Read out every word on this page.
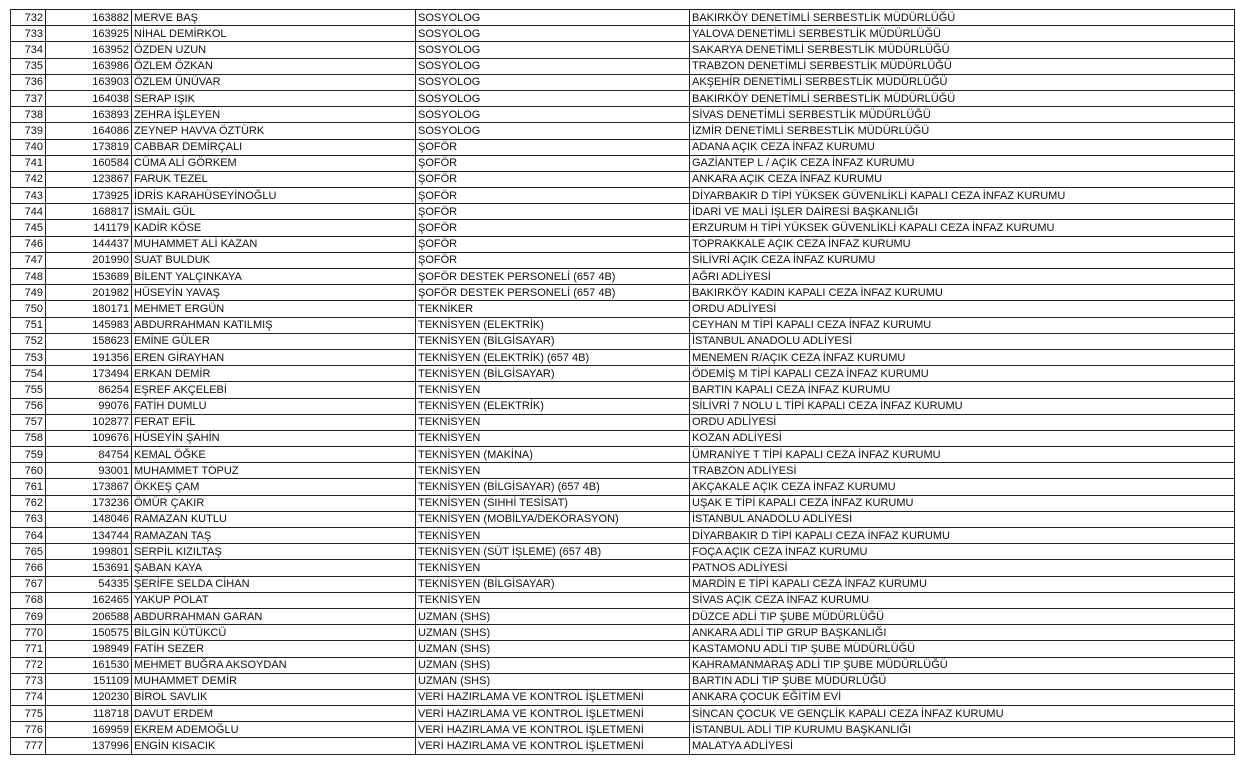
732	163882	MERVE BAŞ	SOSYOLOG	BAKIRKÖY DENETİMLİ SERBESTLİK MÜDÜRLÜĞÜ
733	163925	NİHAL DEMİRKOL	SOSYOLOG	YALOVA DENETİMLİ SERBESTLİK MÜDÜRLÜĞÜ
734	163952	ÖZDEN UZUN	SOSYOLOG	SAKARYA DENETİMLİ SERBESTLİK MÜDÜRLÜĞÜ
735	163986	ÖZLEM ÖZKAN	SOSYOLOG	TRABZON DENETİMLİ SERBESTLİK MÜDÜRLÜĞÜ
736	163903	ÖZLEM ÜNÜVAR	SOSYOLOG	AKŞEHİR DENETİMLİ SERBESTLİK MÜDÜRLÜĞÜ
737	164038	SERAP IŞIK	SOSYOLOG	BAKIRKÖY DENETİMLİ SERBESTLİK MÜDÜRLÜĞÜ
738	163893	ZEHRA İŞLEYEN	SOSYOLOG	SİVAS DENETİMLİ SERBESTLİK MÜDÜRLÜĞÜ
739	164086	ZEYNEP HAVVA ÖZTÜRK	SOSYOLOG	İZMİR DENETİMLİ SERBESTLİK MÜDÜRLÜĞÜ
740	173819	CABBAR DEMİRÇALI	ŞOFÖR	ADANA AÇIK CEZA İNFAZ KURUMU
741	160584	CÜMA ALİ GÖRKEM	ŞOFÖR	GAZİANTEP L / AÇIK CEZA İNFAZ KURUMU
742	123867	FARUK TEZEL	ŞOFÖR	ANKARA AÇIK CEZA İNFAZ KURUMU
743	173925	İDRİS KARAHÜSEYİNOĞLU	ŞOFÖR	DİYARBAKIR D TİPİ YÜKSEK GÜVENLİKLİ KAPALI CEZA İNFAZ KURUMU
744	168817	İSMAİL GÜL	ŞOFÖR	İDARİ VE MALİ İŞLER DAİRESİ BAŞKANLIĞI
745	141179	KADİR KÖSE	ŞOFÖR	ERZURUM H TİPİ YÜKSEK GÜVENLİKLİ KAPALI CEZA İNFAZ KURUMU
746	144437	MUHAMMET ALİ KAZAN	ŞOFÖR	TOPRAKKALE AÇIK CEZA İNFAZ KURUMU
747	201990	SUAT BULDUK	ŞOFÖR	SİLİVRİ AÇIK CEZA İNFAZ KURUMU
748	153689	BİLENT YALÇINKAYA	ŞOFÖR DESTEK PERSONELİ (657 4B)	AĞRI ADLİYESİ
749	201982	HÜSEYİN YAVAŞ	ŞOFÖR DESTEK PERSONELİ (657 4B)	BAKIRKÖY KADIN KAPALI CEZA İNFAZ KURUMU
750	180171	MEHMET ERGÜN	TEKNİKER	ORDU ADLİYESİ
751	145983	ABDURRAHMAN KATILMIŞ	TEKNİSYEN (ELEKTRİK)	CEYHAN M TİPİ KAPALI CEZA İNFAZ KURUMU
752	158623	EMİNE GÜLER	TEKNİSYEN (BİLGİSAYAR)	İSTANBUL ANADOLU ADLİYESİ
753	191356	EREN GİRAYHAN	TEKNİSYEN (ELEKTRİK) (657 4B)	MENEMEN R/AÇIK CEZA İNFAZ KURUMU
754	173494	ERKAN DEMİR	TEKNİSYEN (BİLGİSAYAR)	ÖDEMİŞ M TİPİ KAPALI CEZA İNFAZ KURUMU
755	86254	EŞREF AKÇELEBİ	TEKNİSYEN	BARTIN KAPALI CEZA İNFAZ KURUMU
756	99076	FATİH DUMLU	TEKNİSYEN (ELEKTRİK)	SİLİVRİ 7 NOLU L TİPİ KAPALI CEZA İNFAZ KURUMU
757	102877	FERAT EFİL	TEKNİSYEN	ORDU ADLİYESİ
758	109676	HÜSEYİN ŞAHİN	TEKNİSYEN	KOZAN ADLİYESİ
759	84754	KEMAL ÖĞKE	TEKNİSYEN (MAKİNA)	ÜMRANİYE T TİPİ KAPALI CEZA İNFAZ KURUMU
760	93001	MUHAMMET TOPUZ	TEKNİSYEN	TRABZON ADLİYESİ
761	173867	ÖKKEŞ ÇAM	TEKNİSYEN (BİLGİSAYAR) (657 4B)	AKÇAKALE AÇIK CEZA İNFAZ KURUMU
762	173236	ÖMÜR ÇAKIR	TEKNİSYEN (SIHHİ TESİSAT)	UŞAK E TİPİ KAPALI CEZA İNFAZ KURUMU
763	148046	RAMAZAN KUTLU	TEKNİSYEN (MOBİLYA/DEKORASYON)	İSTANBUL ANADOLU ADLİYESİ
764	134744	RAMAZAN TAŞ	TEKNİSYEN	DİYARBAKIR D TİPİ KAPALI CEZA İNFAZ KURUMU
765	199801	SERPİL KIZILTAŞ	TEKNİSYEN (SÜT İŞLEME) (657 4B)	FOÇA AÇIK CEZA İNFAZ KURUMU
766	153691	ŞABAN KAYA	TEKNİSYEN	PATNOS ADLİYESİ
767	54335	ŞERİFE SELDA CİHAN	TEKNİSYEN (BİLGİSAYAR)	MARDİN E TİPİ KAPALI CEZA İNFAZ KURUMU
768	162465	YAKUP POLAT	TEKNİSYEN	SİVAS AÇIK CEZA İNFAZ KURUMU
769	206588	ABDURRAHMAN GARAN	UZMAN (SHS)	DÜZCE ADLİ TIP ŞUBE MÜDÜRLÜĞÜ
770	150575	BİLGİN KÜTÜKCÜ	UZMAN (SHS)	ANKARA ADLİ TIP GRUP BAŞKANLIĞI
771	198949	FATİH SEZER	UZMAN (SHS)	KASTAMONU ADLİ TIP ŞUBE MÜDÜRLÜĞÜ
772	161530	MEHMET BUĞRA AKSOYDAN	UZMAN (SHS)	KAHRAMANMARAŞ ADLİ TIP ŞUBE MÜDÜRLÜĞÜ
773	151109	MUHAMMET DEMİR	UZMAN (SHS)	BARTIN ADLİ TIP ŞUBE MÜDÜRLÜĞÜ
774	120230	BİROL SAVLIK	VERİ HAZIRLAMA VE KONTROL İŞLETMENİ	ANKARA ÇOCUK EĞİTİM EVİ
775	118718	DAVUT ERDEM	VERİ HAZIRLAMA VE KONTROL İŞLETMENİ	SİNCAN ÇOCUK VE GENÇLİK KAPALI CEZA İNFAZ KURUMU
776	169959	EKREM ADEMOĞLU	VERİ HAZIRLAMA VE KONTROL İŞLETMENİ	İSTANBUL ADLİ TIP KURUMU BAŞKANLIĞI
777	137996	ENGİN KISACIK	VERİ HAZIRLAMA VE KONTROL İŞLETMENİ	MALATYA ADLİYESİ
